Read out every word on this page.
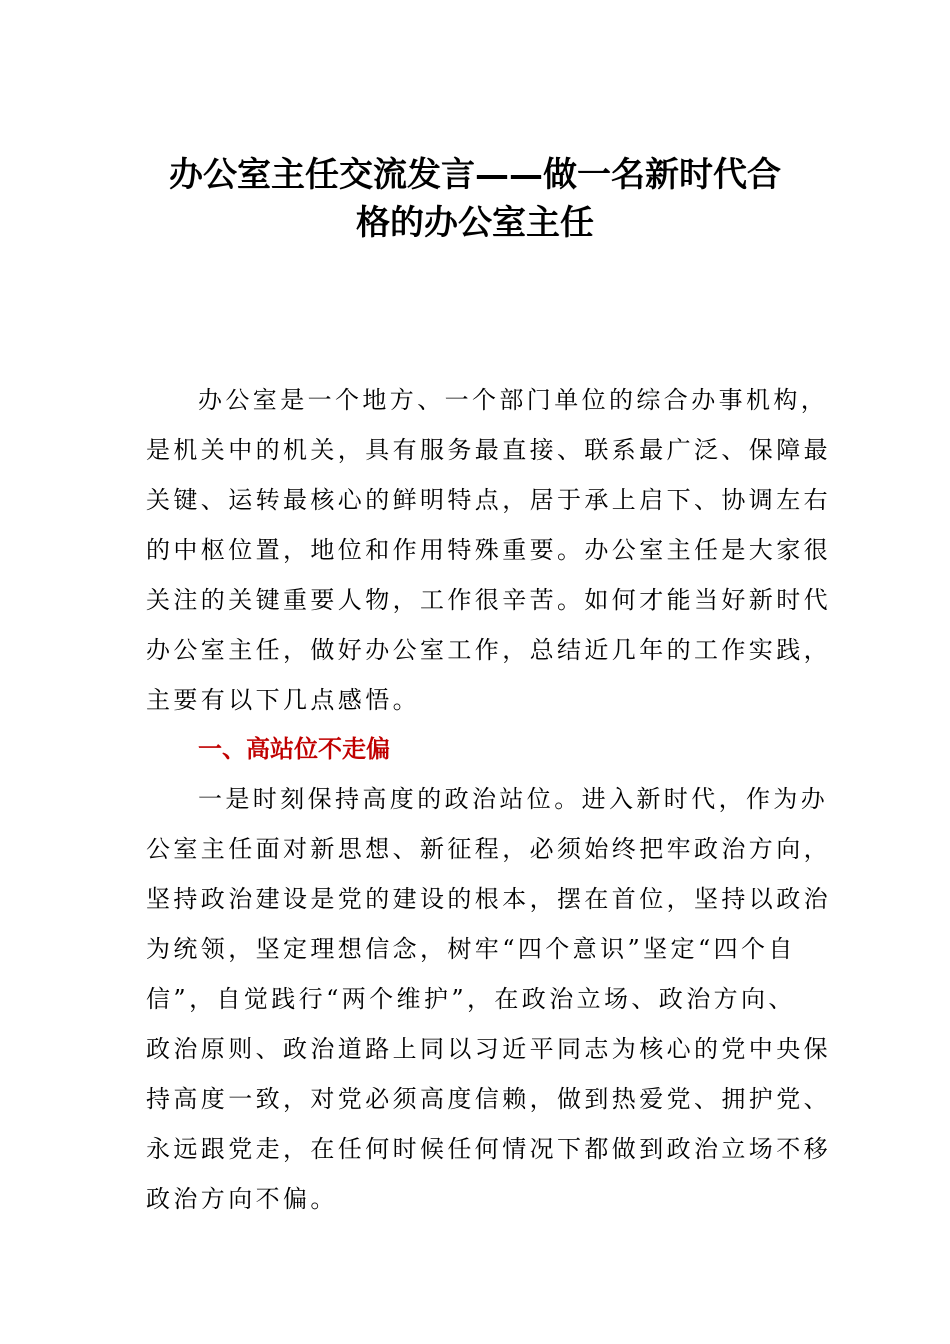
办公室主任交流发言——做一名新时代合
格的办公室主任
办公室是一个地方、一个部门单位的综合办事机构，
是机关中的机关，具有服务最直接、联系最广泛、保障最
关键、运转最核心的鲜明特点，居于承上启下、协调左右
的中枢位置，地位和作用特殊重要。办公室主任是大家很
关注的关键重要人物，工作很辛苦。如何才能当好新时代
办公室主任，做好办公室工作，总结近几年的工作实践，
主要有以下几点感悟。
一、高站位不走偏
一是时刻保持高度的政治站位。进入新时代，作为办
公室主任面对新思想、新征程，必须始终把牢政治方向，
坚持政治建设是党的建设的根本，摆在首位，坚持以政治
为统领，坚定理想信念，树牢“四个意识”坚定“四个自
信”，自觉践行“两个维护”，在政治立场、政治方向、
政治原则、政治道路上同以习近平同志为核心的党中央保
持高度一致，对党必须高度信赖，做到热爱党、拥护党、
永远跟党走，在任何时候任何情况下都做到政治立场不移
政治方向不偏。
